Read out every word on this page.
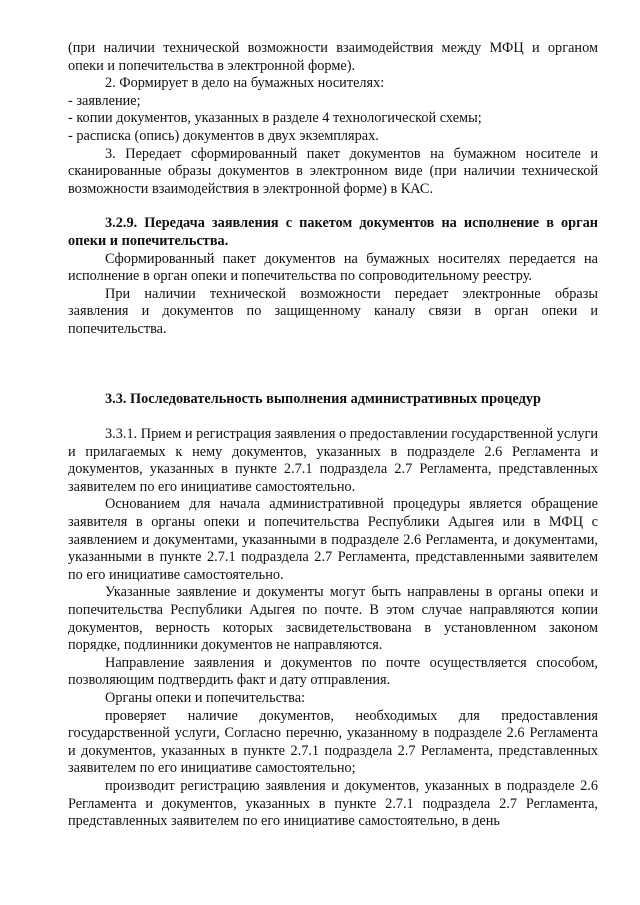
(при наличии технической возможности взаимодействия между МФЦ и органом опеки и попечительства в электронной форме).

2. Формирует в дело на бумажных носителях:

- заявление;

- копии документов, указанных в разделе 4 технологической схемы;

- расписка (опись) документов в двух экземплярах.

3. Передает сформированный пакет документов на бумажном носителе и сканированные образы документов в электронном виде (при наличии технической возможности взаимодействия в электронной форме) в КАС.

3.2.9. Передача заявления с пакетом документов на исполнение в орган опеки и попечительства.

Сформированный пакет документов на бумажных носителях передается на исполнение в орган опеки и попечительства по сопроводительному реестру.

При наличии технической возможности передает электронные образы заявления и документов по защищенному каналу связи в орган опеки и попечительства.

3.3. Последовательность выполнения административных процедур

3.3.1. Прием и регистрация заявления о предоставлении государственной услуги и прилагаемых к нему документов, указанных в подразделе 2.6 Регламента и документов, указанных в пункте 2.7.1 подраздела 2.7 Регламента, представленных заявителем по его инициативе самостоятельно.

Основанием для начала административной процедуры является обращение заявителя в органы опеки и попечительства Республики Адыгея или в МФЦ с заявлением и документами, указанными в подразделе 2.6 Регламента, и документами, указанными в пункте 2.7.1 подраздела 2.7 Регламента, представленными заявителем по его инициативе самостоятельно.

Указанные заявление и документы могут быть направлены в органы опеки и попечительства Республики Адыгея по почте. В этом случае направляются копии документов, верность которых засвидетельствована в установленном законом порядке, подлинники документов не направляются.

Направление заявления и документов по почте осуществляется способом, позволяющим подтвердить факт и дату отправления.

Органы опеки и попечительства:

проверяет наличие документов, необходимых для предоставления государственной услуги, Согласно перечню, указанному в подразделе 2.6 Регламента и документов, указанных в пункте 2.7.1 подраздела 2.7 Регламента, представленных заявителем по его инициативе самостоятельно;

производит регистрацию заявления и документов, указанных в подразделе 2.6 Регламента и документов, указанных в пункте 2.7.1 подраздела 2.7 Регламента, представленных заявителем по его инициативе самостоятельно, в день
